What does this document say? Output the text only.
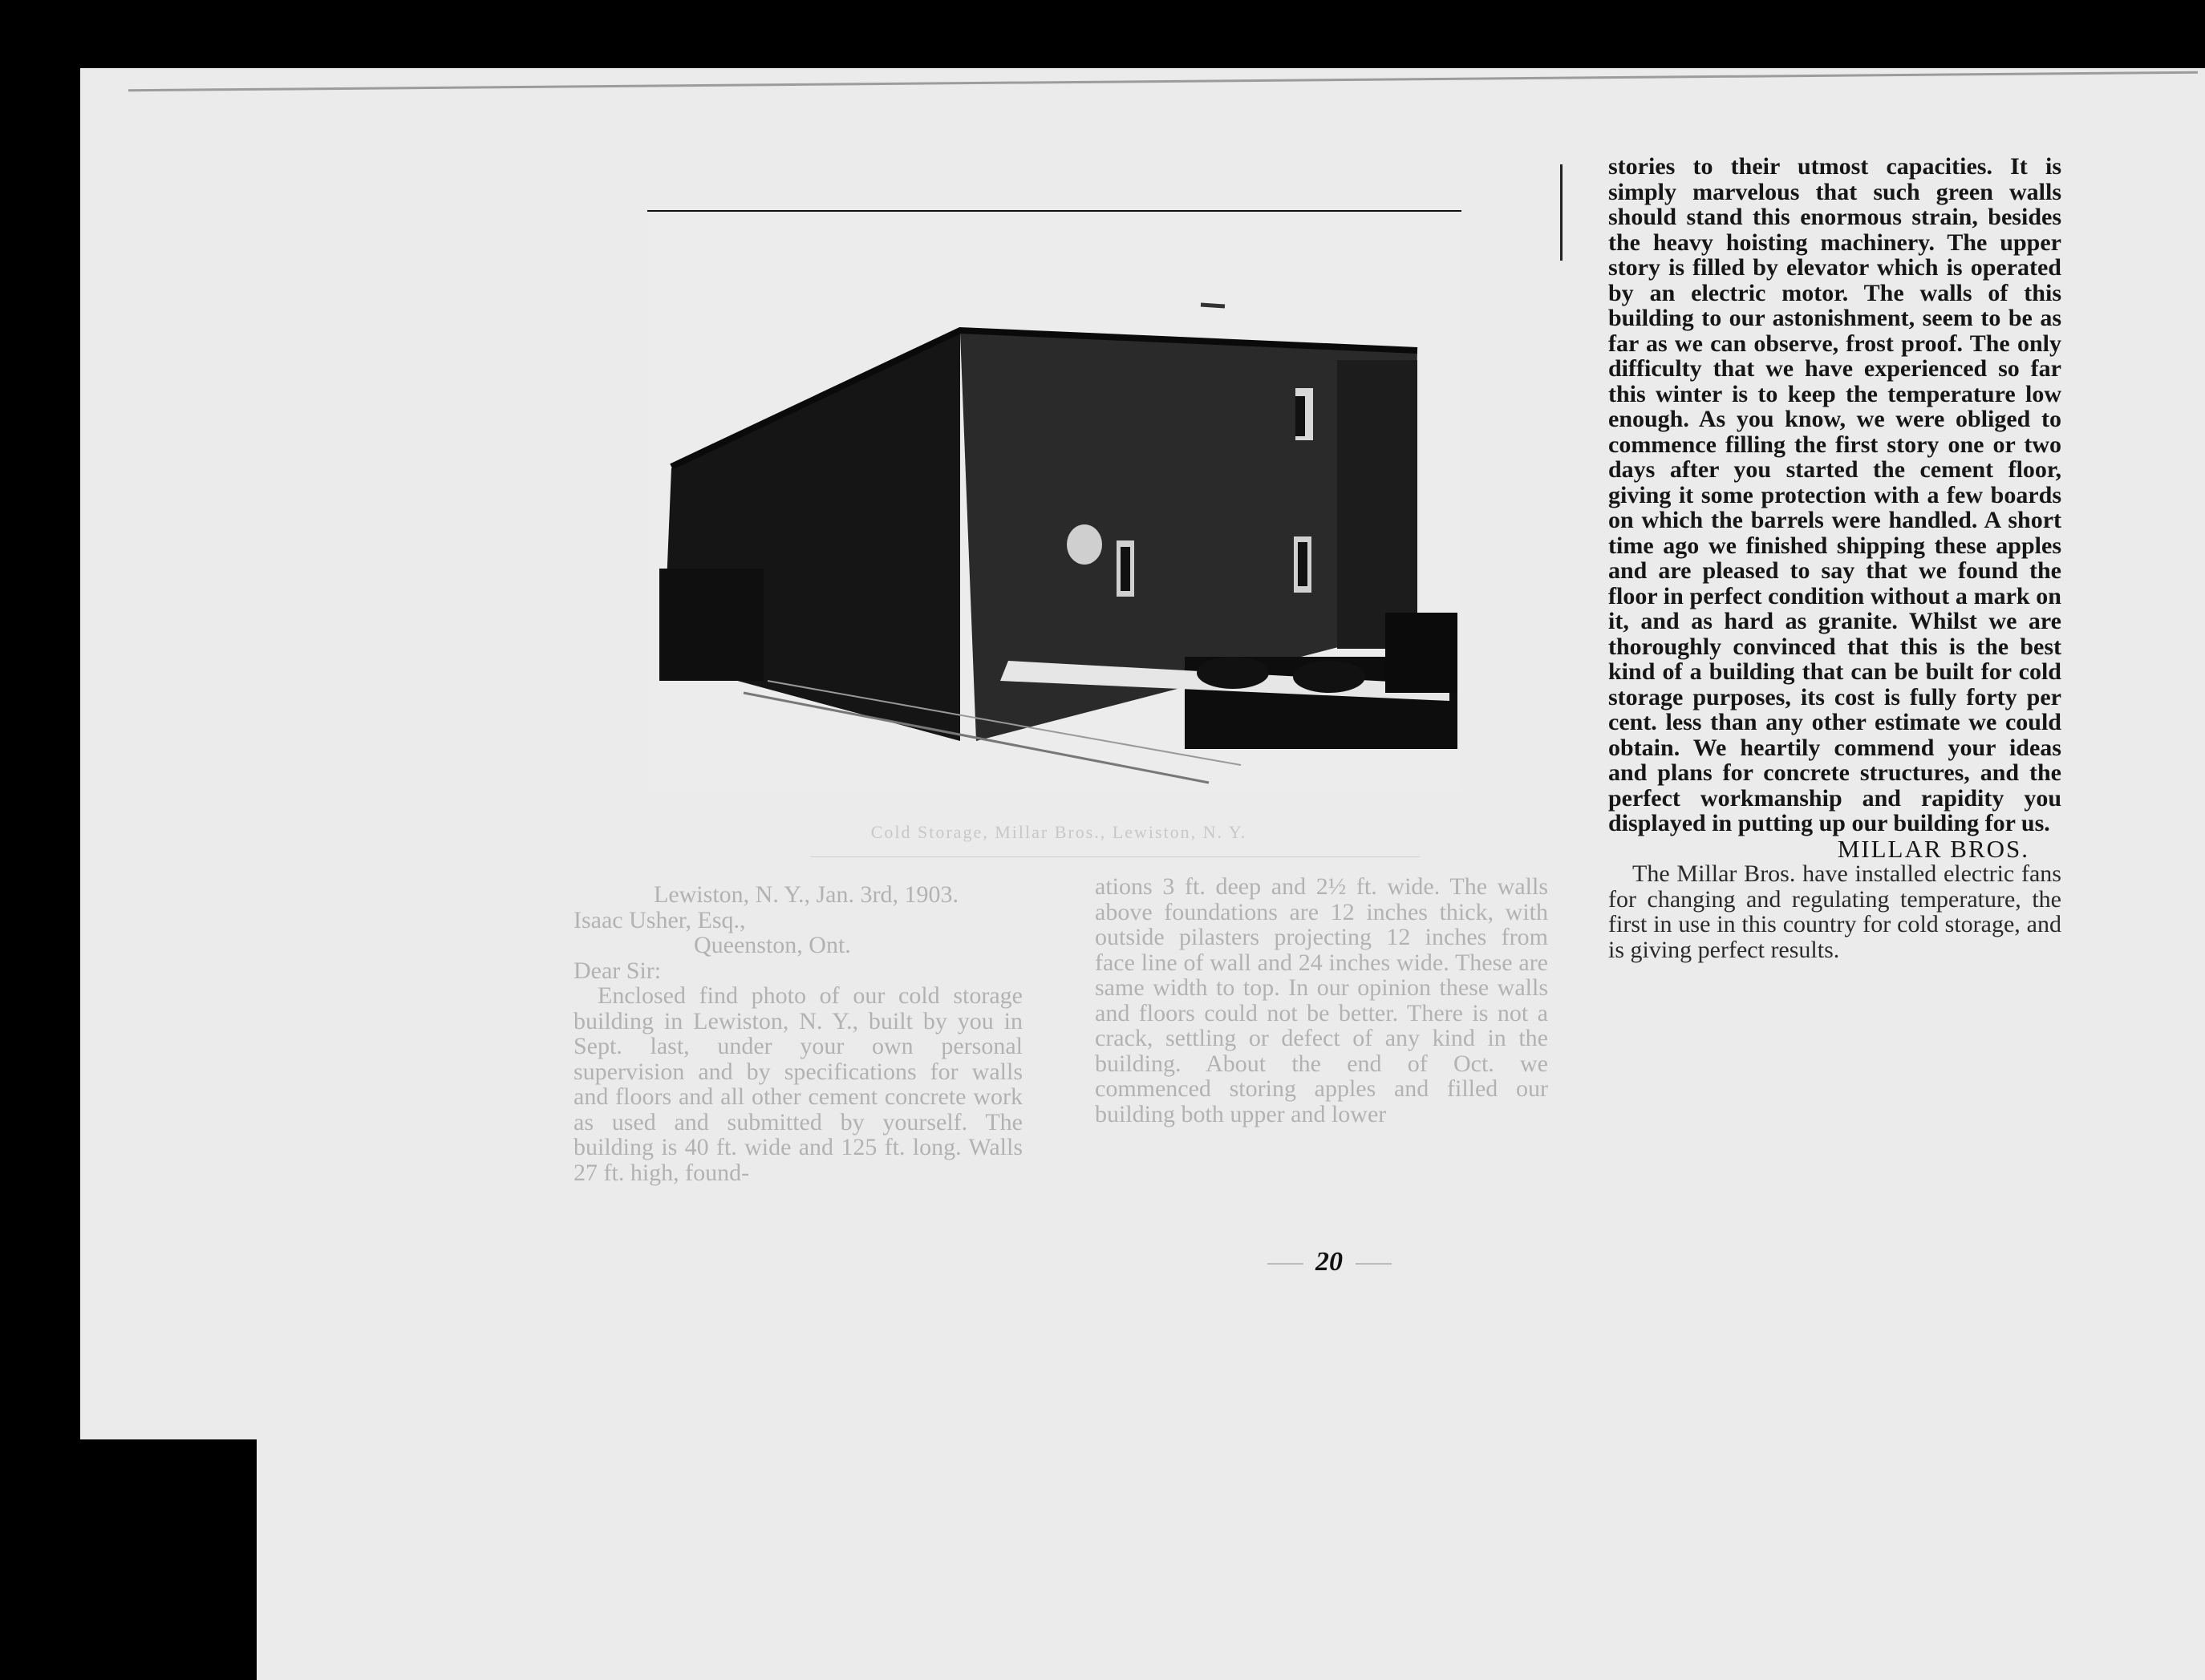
Cold Storage, Millar Bros., Lewiston, N. Y.

Lewiston, N. Y., Jan. 3rd, 1903.

Isaac Usher, Esq.,

Queenston, Ont.

Dear Sir:

Enclosed find photo of our cold storage building in Lewiston, N. Y., built by you in Sept. last, under your own personal supervision and by specifications for walls and floors and all other cement concrete work as used and submitted by yourself. The building is 40 ft. wide and 125 ft. long. Walls 27 ft. high, found-

ations 3 ft. deep and 2½ ft. wide. The walls above foundations are 12 inches thick, with outside pilasters projecting 12 inches from face line of wall and 24 inches wide. These are same width to top. In our opinion these walls and floors could not be better. There is not a crack, settling or defect of any kind in the building. About the end of Oct. we commenced storing apples and filled our building both upper and lower

stories to their utmost capacities. It is simply marvelous that such green walls should stand this enormous strain, besides the heavy hoisting machinery. The upper story is filled by elevator which is operated by an electric motor. The walls of this building to our astonishment, seem to be as far as we can observe, frost proof. The only difficulty that we have experienced so far this winter is to keep the temperature low enough. As you know, we were obliged to commence filling the first story one or two days after you started the cement floor, giving it some protection with a few boards on which the barrels were handled. A short time ago we finished shipping these apples and are pleased to say that we found the floor in perfect condition without a mark on it, and as hard as granite. Whilst we are thoroughly convinced that this is the best kind of a building that can be built for cold storage purposes, its cost is fully forty per cent. less than any other estimate we could obtain. We heartily commend your ideas and plans for concrete structures, and the perfect workmanship and rapidity you displayed in putting up our building for us.

MILLAR BROS.

The Millar Bros. have installed electric fans for changing and regulating temperature, the first in use in this country for cold storage, and is giving perfect results.

20
